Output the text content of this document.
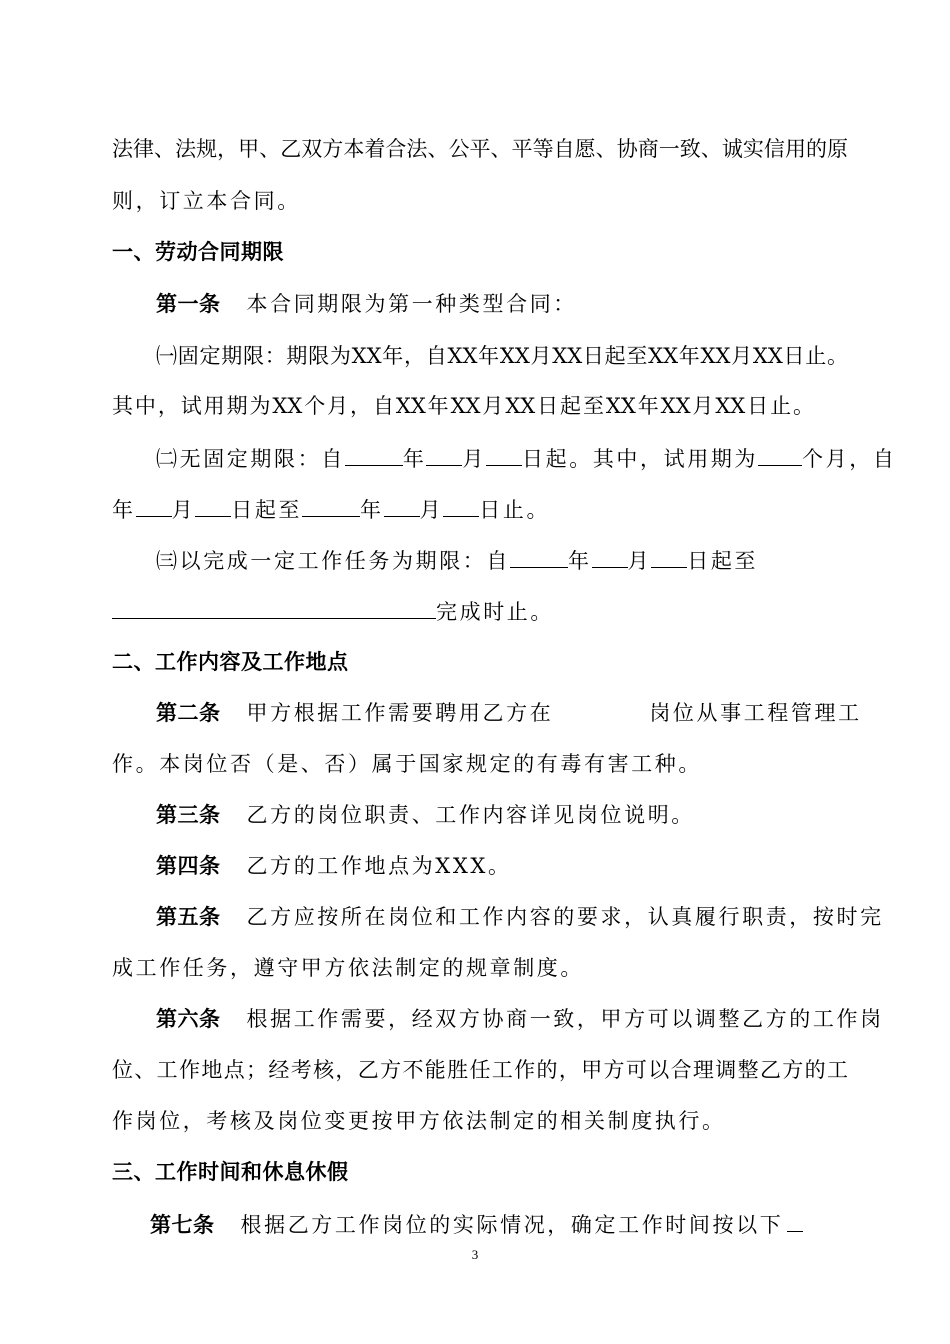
法律、法规，甲、乙双方本着合法、公平、平等自愿、协商一致、诚实信用的原
则，订立本合同。
一、劳动合同期限
第一条 本合同期限为第一种类型合同：
㈠固定期限：期限为XX年，自XX年XX月XX日起至XX年XX月XX日止。
其中，试用期为XX个月，自XX年XX月XX日起至XX年XX月XX日止。
㈡无固定期限：自	年 月 日起。其中，试用期为 个月，自
年 月 日起至	年 月 日止。
㈢以完成一定工作任务为期限：自	年 月 日起至
完成时止。
二、工作内容及工作地点
第二条 甲方根据工作需要聘用乙方在	岗位从事工程管理工
作。本岗位否（是、否）属于国家规定的有毒有害工种。
第三条 乙方的岗位职责、工作内容详见岗位说明。
第四条 乙方的工作地点为XXX。
第五条 乙方应按所在岗位和工作内容的要求，认真履行职责，按时完
成工作任务，遵守甲方依法制定的规章制度。
第六条 根据工作需要，经双方协商一致，甲方可以调整乙方的工作岗
位、工作地点；经考核，乙方不能胜任工作的，甲方可以合理调整乙方的工
作岗位，考核及岗位变更按甲方依法制定的相关制度执行。
三、工作时间和休息休假
第七条 根据乙方工作岗位的实际情况，确定工作时间按以下
3
